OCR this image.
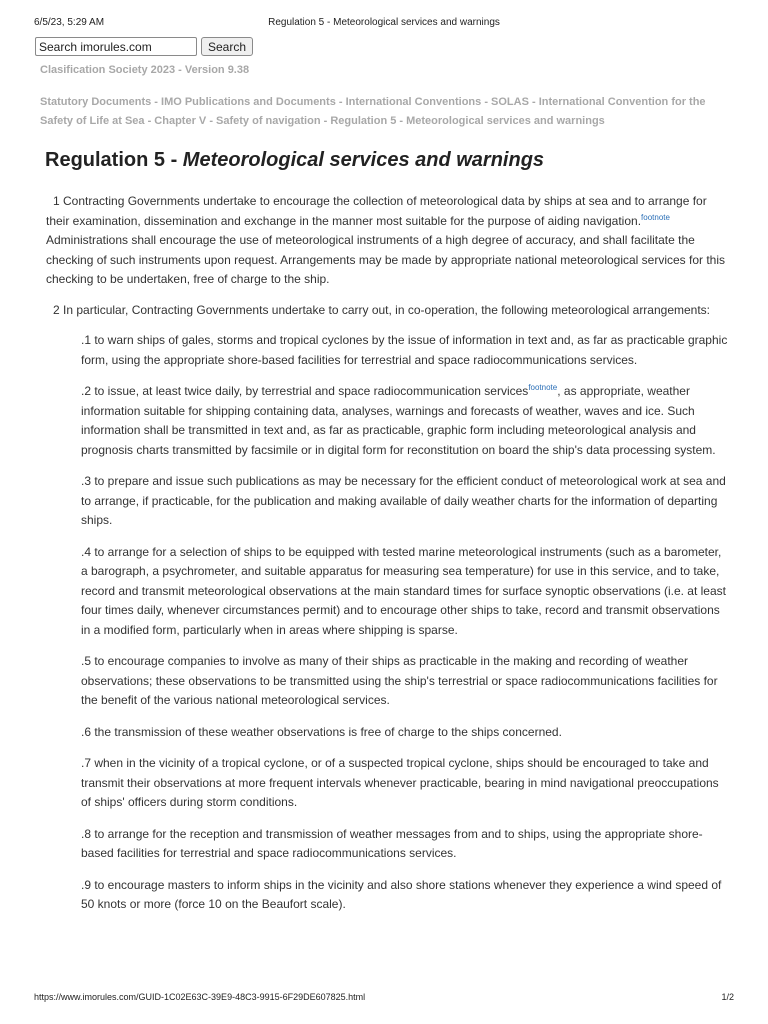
6/5/23, 5:29 AM	Regulation 5 - Meteorological services and warnings
Search imorules.com
Search
Clasification Society 2023 - Version 9.38
Statutory Documents - IMO Publications and Documents - International Conventions - SOLAS - International Convention for the Safety of Life at Sea - Chapter V - Safety of navigation - Regulation 5 - Meteorological services and warnings
Regulation 5 - Meteorological services and warnings

1 Contracting Governments undertake to encourage the collection of meteorological data by ships at sea and to arrange for their examination, dissemination and exchange in the manner most suitable for the purpose of aiding navigation.$^{footnote}$ Administrations shall encourage the use of meteorological instruments of a high degree of accuracy, and shall facilitate the checking of such instruments upon request. Arrangements may be made by appropriate national meteorological services for this checking to be undertaken, free of charge to the ship.

2 In particular, Contracting Governments undertake to carry out, in co-operation, the following meteorological arrangements:

.1 to warn ships of gales, storms and tropical cyclones by the issue of information in text and, as far as practicable graphic form, using the appropriate shore-based facilities for terrestrial and space radiocommunications services.

.2 to issue, at least twice daily, by terrestrial and space radiocommunication services$^{footnote}$, as appropriate, weather information suitable for shipping containing data, analyses, warnings and forecasts of weather, waves and ice. Such information shall be transmitted in text and, as far as practicable, graphic form including meteorological analysis and prognosis charts transmitted by facsimile or in digital form for reconstitution on board the ship's data processing system.

.3 to prepare and issue such publications as may be necessary for the efficient conduct of meteorological work at sea and to arrange, if practicable, for the publication and making available of daily weather charts for the information of departing ships.

.4 to arrange for a selection of ships to be equipped with tested marine meteorological instruments (such as a barometer, a barograph, a psychrometer, and suitable apparatus for measuring sea temperature) for use in this service, and to take, record and transmit meteorological observations at the main standard times for surface synoptic observations (i.e. at least four times daily, whenever circumstances permit) and to encourage other ships to take, record and transmit observations in a modified form, particularly when in areas where shipping is sparse.

.5 to encourage companies to involve as many of their ships as practicable in the making and recording of weather observations; these observations to be transmitted using the ship's terrestrial or space radiocommunications facilities for the benefit of the various national meteorological services.

.6 the transmission of these weather observations is free of charge to the ships concerned.

.7 when in the vicinity of a tropical cyclone, or of a suspected tropical cyclone, ships should be encouraged to take and transmit their observations at more frequent intervals whenever practicable, bearing in mind navigational preoccupations of ships' officers during storm conditions.

.8 to arrange for the reception and transmission of weather messages from and to ships, using the appropriate shore-based facilities for terrestrial and space radiocommunications services.

.9 to encourage masters to inform ships in the vicinity and also shore stations whenever they experience a wind speed of 50 knots or more (force 10 on the Beaufort scale).

https://www.imorules.com/GUID-1C02E63C-39E9-48C3-9915-6F29DE607825.html	1/2
